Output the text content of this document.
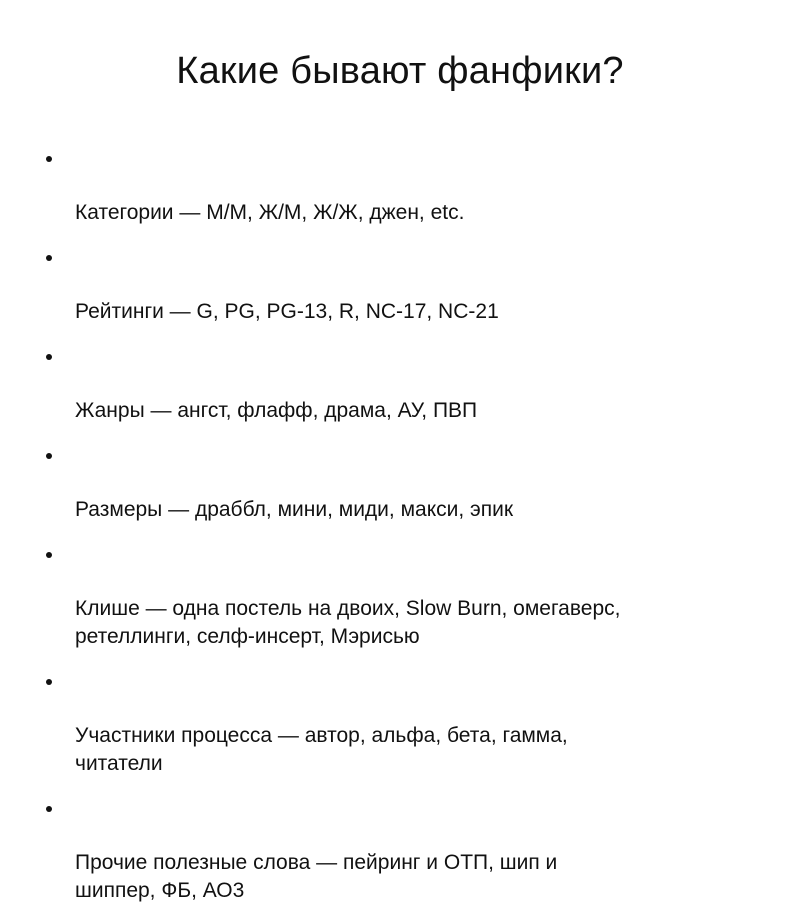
Какие бывают фанфики?

Категории — М/М, Ж/М, Ж/Ж, джен, etc.

Рейтинги — G, PG, PG-13, R, NC-17, NC-21

Жанры — ангст, флафф, драма, АУ, ПВП

Размеры — драббл, мини, миди, макси, эпик

Клише — одна постель на двоих, Slow Burn, омегаверс,
ретеллинги, селф-инсерт, Мэрисью

Участники процесса — автор, альфа, бета, гамма,
читатели

Прочие полезные слова — пейринг и ОТП, шип и
шиппер, ФБ, АО3
